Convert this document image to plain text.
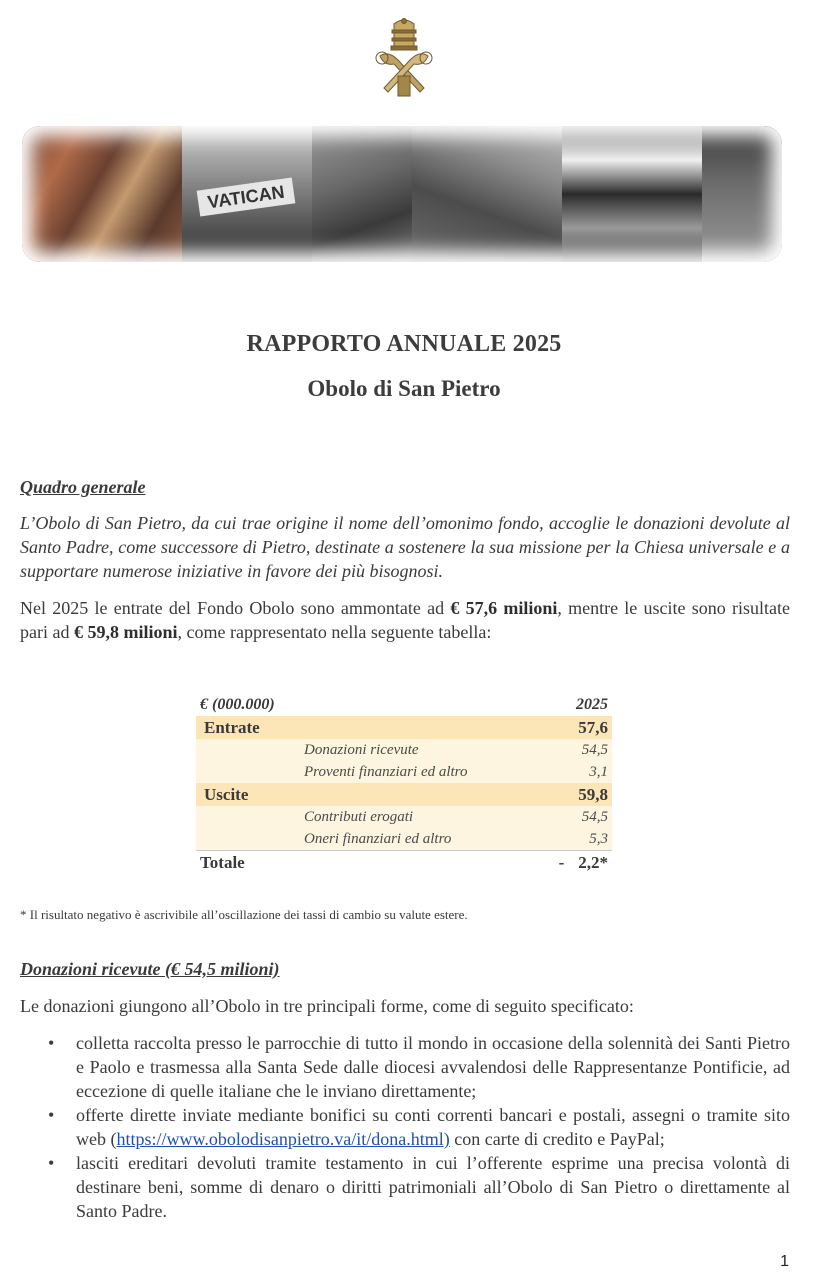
VATICAN
RAPPORTO ANNUALE 2025
Obolo di San Pietro
Quadro generale
L’Obolo di San Pietro, da cui trae origine il nome dell’omonimo fondo, accoglie le donazioni devolute al Santo Padre, come successore di Pietro, destinate a sostenere la sua missione per la Chiesa universale e a supportare numerose iniziative in favore dei più bisognosi.
Nel 2025 le entrate del Fondo Obolo sono ammontate ad € 57,6 milioni, mentre le uscite sono risultate pari ad € 59,8 milioni, come rappresentato nella seguente tabella:
€ (000.000)		2025
Entrate		57,6
	Donazioni ricevute	54,5
	Proventi finanziari ed altro	3,1
Uscite		59,8
	Contributi erogati	54,5
	Oneri finanziari ed altro	5,3
Totale		- 2,2*
* Il risultato negativo è ascrivibile all’oscillazione dei tassi di cambio su valute estere.
Donazioni ricevute (€ 54,5 milioni)
Le donazioni giungono all’Obolo in tre principali forme, come di seguito specificato:
• colletta raccolta presso le parrocchie di tutto il mondo in occasione della solennità dei Santi Pietro e Paolo e trasmessa alla Santa Sede dalle diocesi avvalendosi delle Rappresentanze Pontificie, ad eccezione di quelle italiane che le inviano direttamente;
• offerte dirette inviate mediante bonifici su conti correnti bancari e postali, assegni o tramite sito web (https://www.obolodisanpietro.va/it/dona.html) con carte di credito e PayPal;
• lasciti ereditari devoluti tramite testamento in cui l’offerente esprime una precisa volontà di destinare beni, somme di denaro o diritti patrimoniali all’Obolo di San Pietro o direttamente al Santo Padre.
1
